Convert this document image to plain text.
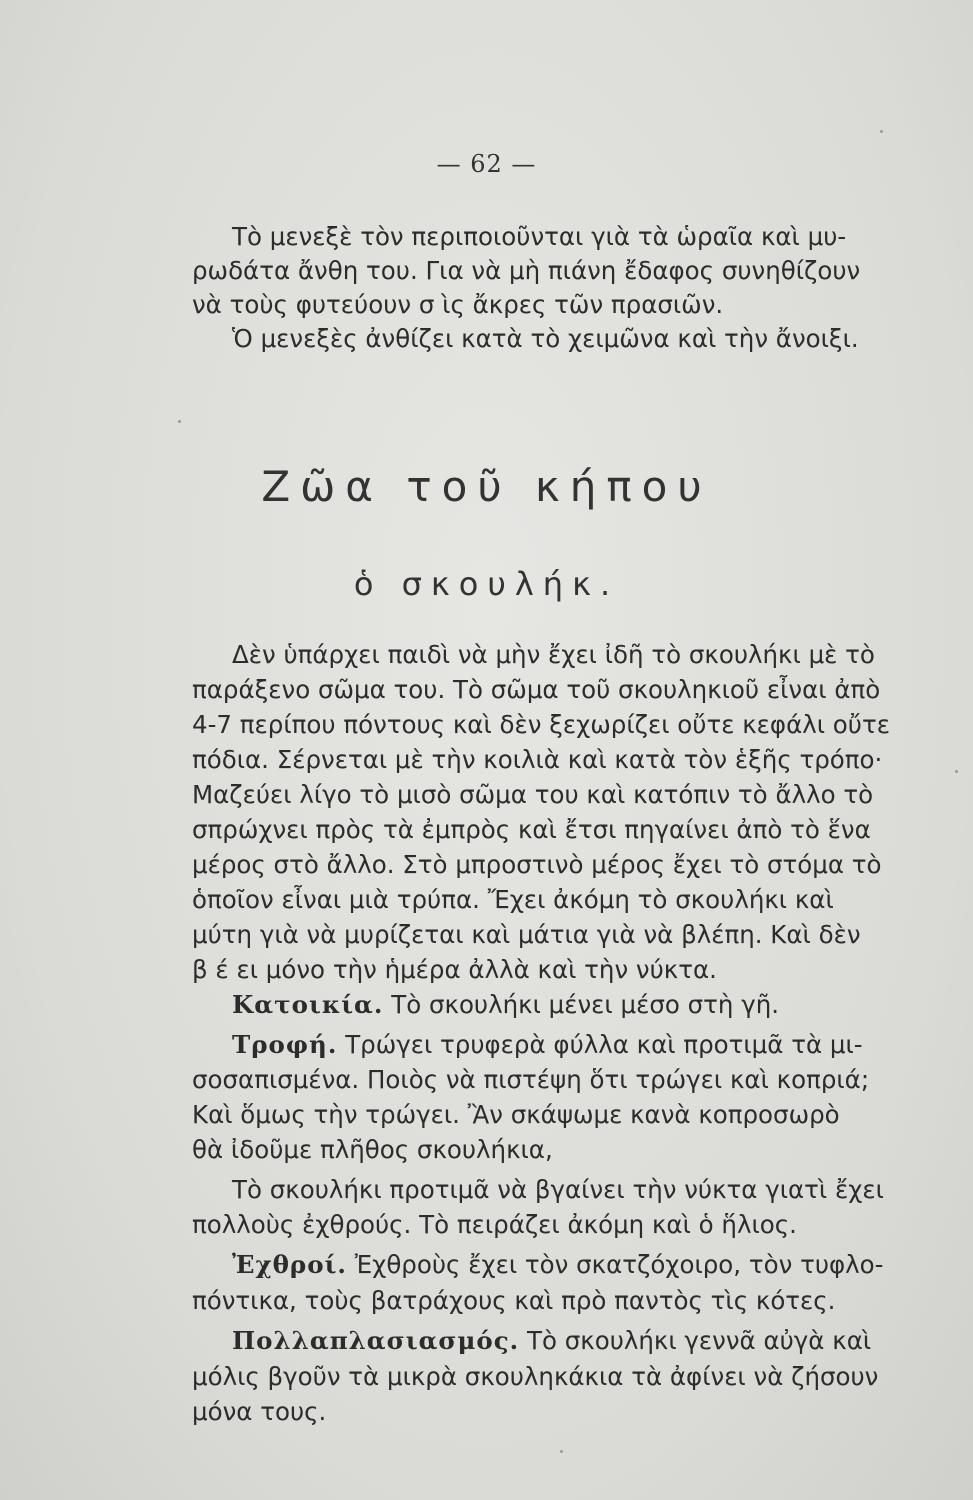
— 62 —
Τὸ μενεξὲ τὸν περιποιοῦνται γιὰ τὰ ὡραῖα καὶ μυ-
ρωδάτα ἄνθη του. Για νὰ μὴ πιάνη ἔδαφος συνηθίζουν
νὰ τοὺς φυτεύουν σ ὶς ἄκρες τῶν πρασιῶν.
Ὁ μενεξὲς ἀνθίζει κατὰ τὸ χειμῶνα καὶ τὴν ἄνοιξι.
Ζῶα τοῦ κήπου
ὁ σκουλήκ.
Δὲν ὑπάρχει παιδὶ νὰ μὴν ἔχει ἰδῆ τὸ σκουλήκι μὲ τὸ
παράξενο σῶμα του. Τὸ σῶμα τοῦ σκουληκιοῦ εἶναι ἀπὸ
4-7 περίπου πόντους καὶ δὲν ξεχωρίζει οὔτε κεφάλι οὔτε
πόδια. Σέρνεται μὲ τὴν κοιλιὰ καὶ κατὰ τὸν ἑξῆς τρόπο·
Μαζεύει λίγο τὸ μισὸ σῶμα του καὶ κατόπιν τὸ ἄλλο τὸ
σπρώχνει πρὸς τὰ ἐμπρὸς καὶ ἔτσι πηγαίνει ἀπὸ τὸ ἕνα
μέρος στὸ ἄλλο. Στὸ μπροστινὸ μέρος ἔχει τὸ στόμα τὸ
ὁποῖον εἶναι μιὰ τρύπα. Ἔχει ἀκόμη τὸ σκουλήκι καὶ
μύτη γιὰ νὰ μυρίζεται καὶ μάτια γιὰ νὰ βλέπη. Καὶ δὲν
β έ ει μόνο τὴν ἡμέρα ἀλλὰ καὶ τὴν νύκτα.
Κατοικία. Τὸ σκουλήκι μένει μέσο στὴ γῆ.
Τροφή. Τρώγει τρυφερὰ φύλλα καὶ προτιμᾶ τὰ μι-
σοσαπισμένα. Ποιὸς νὰ πιστέψη ὅτι τρώγει καὶ κοπριά;
Καὶ ὅμως τὴν τρώγει. Ἂν σκάψωμε κανὰ κοπροσωρὸ
θὰ ἰδοῦμε πλῆθος σκουλήκια,
Τὸ σκουλήκι προτιμᾶ νὰ βγαίνει τὴν νύκτα γιατὶ ἔχει
πολλοὺς ἐχθρούς. Τὸ πειράζει ἀκόμη καὶ ὁ ἥλιος.
Ἐχθροί. Ἐχθροὺς ἔχει τὸν σκατζόχοιρο, τὸν τυφλο-
πόντικα, τοὺς βατράχους καὶ πρὸ παντὸς τὶς κότες.
Πολλαπλασιασμός. Τὸ σκουλήκι γεννᾶ αὐγὰ καὶ
μόλις βγοῦν τὰ μικρὰ σκουληκάκια τὰ ἀφίνει νὰ ζήσουν
μόνα τους.
